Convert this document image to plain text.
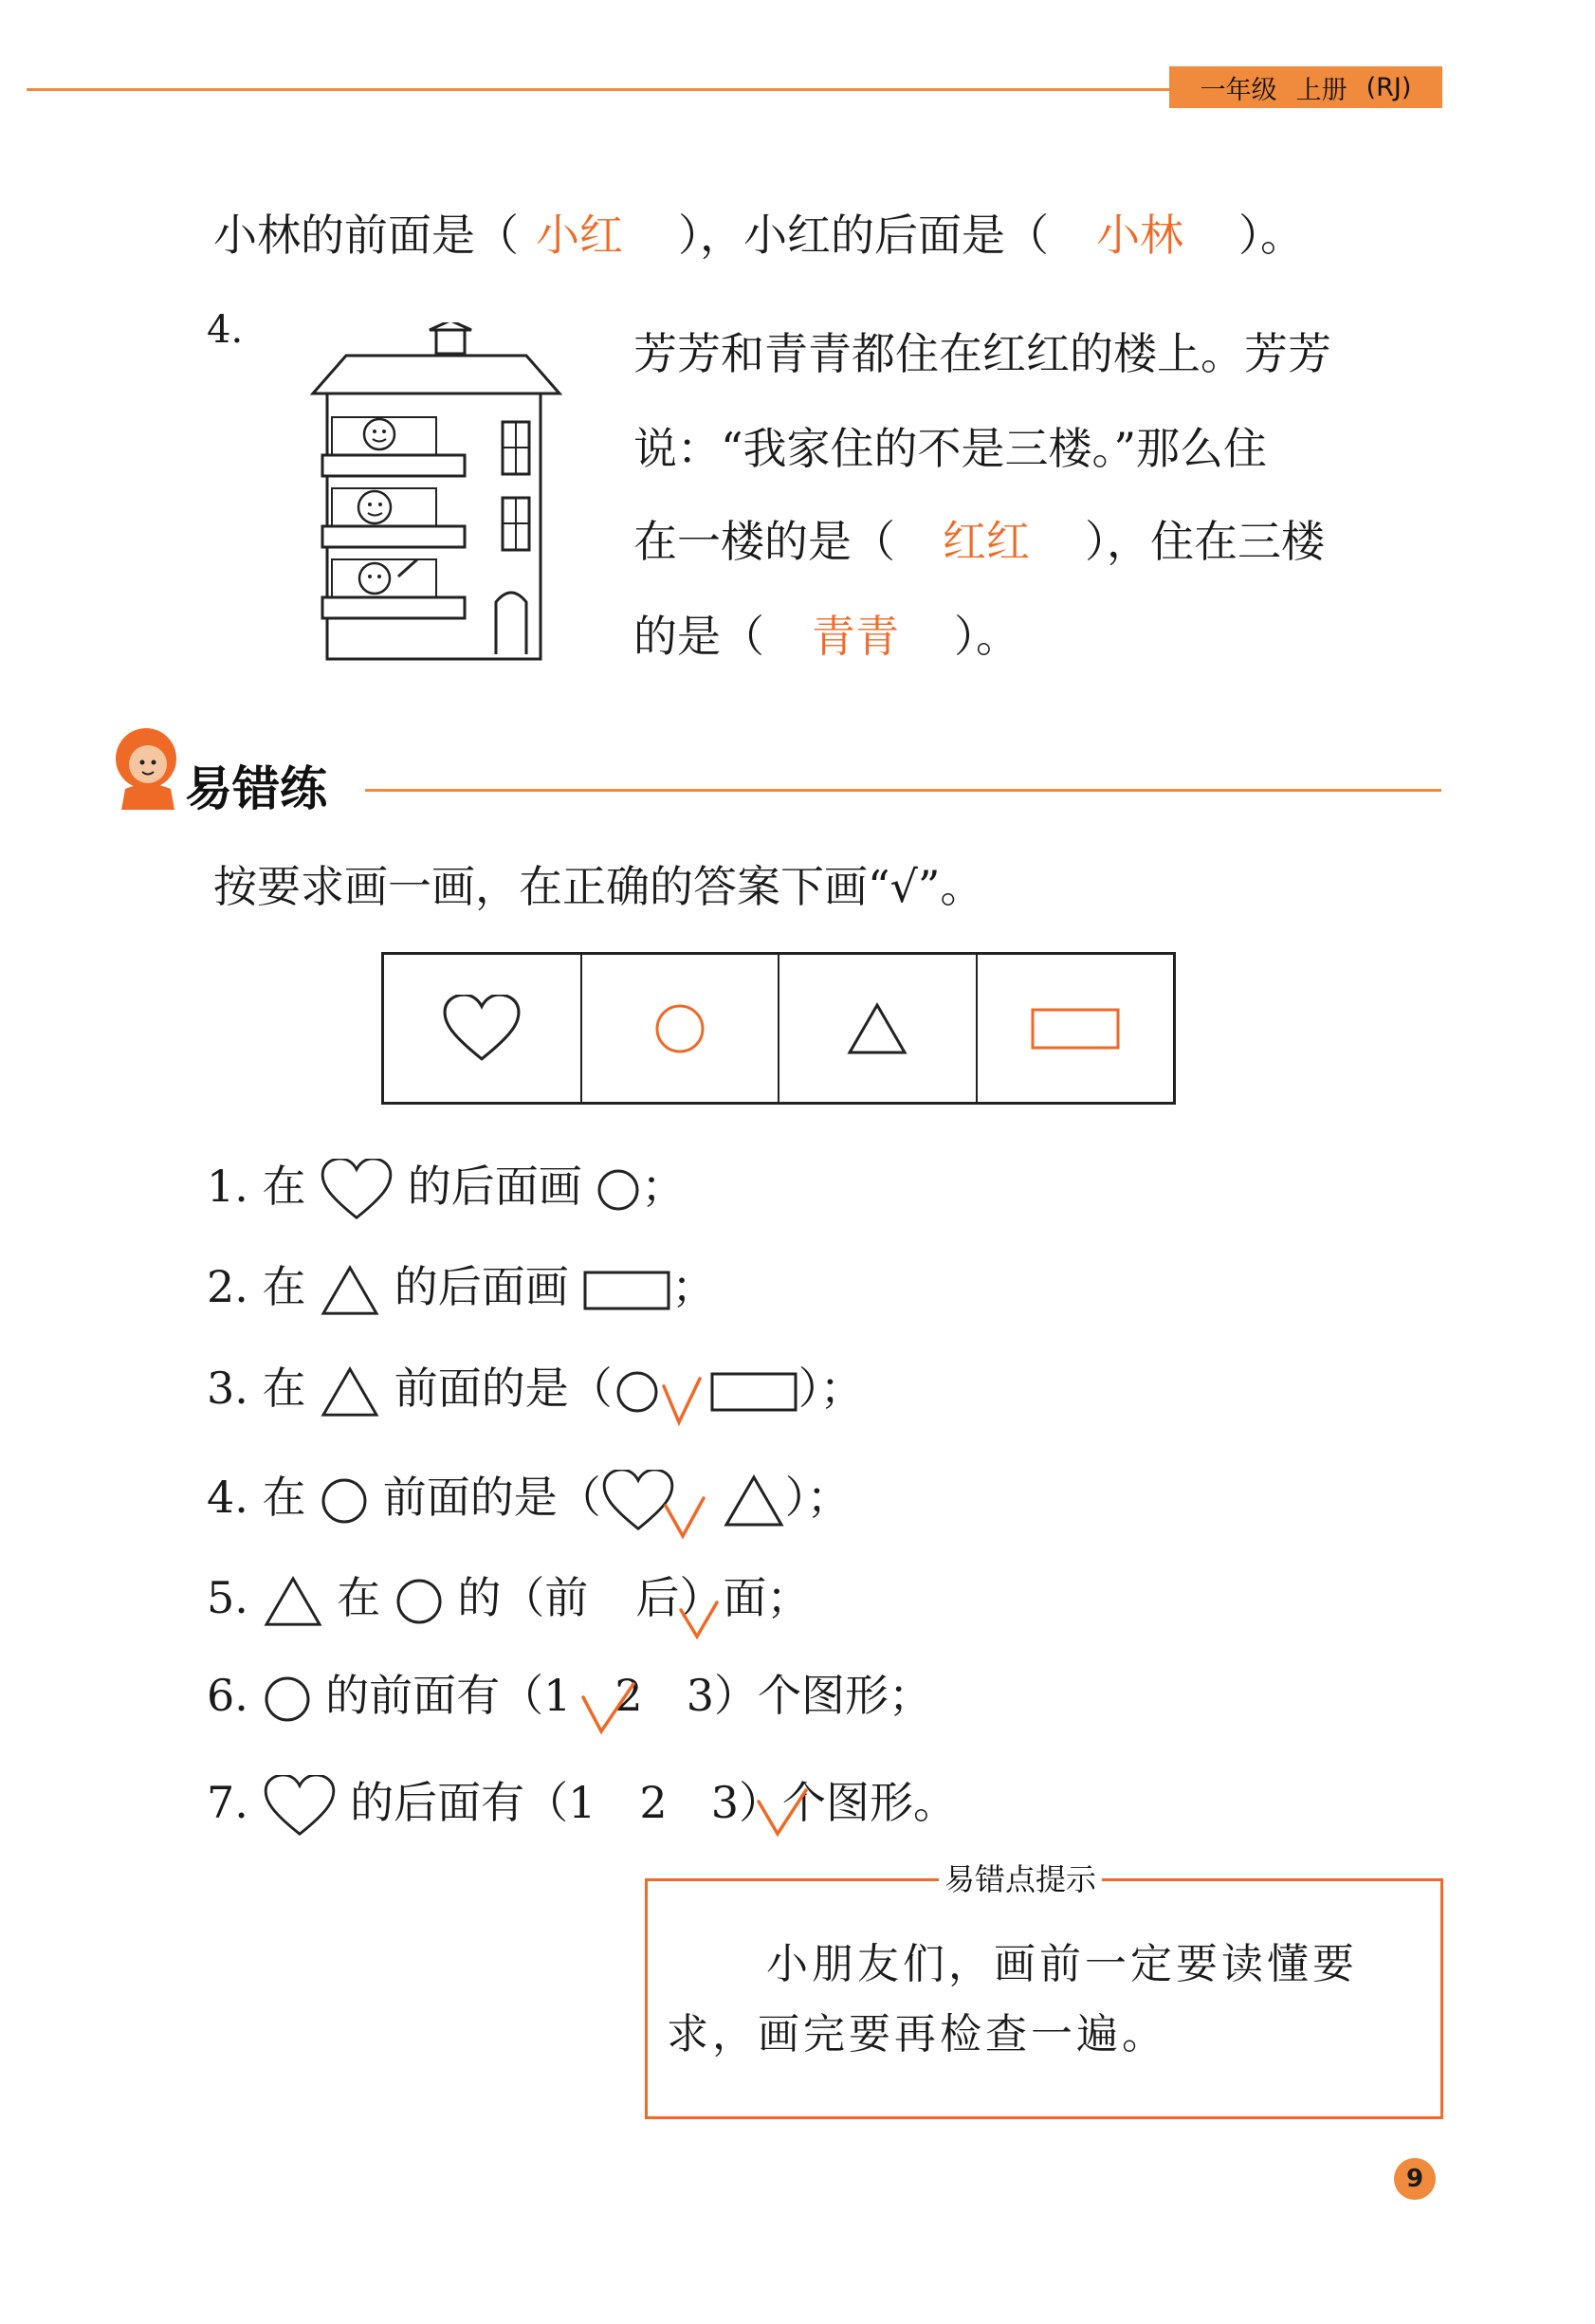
一年级 上册 (RJ)
小林的前面是（ 小红 ），小红的后面是（ 小林 ）。
4.	芳芳和青青都住在红红的楼上。芳芳
说：“我家住的不是三楼。”那么住
在一楼的是（ 红红 ），住在三楼
的是（ 青青 ）。
易错练
按要求画一画，在正确的答案下画“√”。
1. 在 的后面画 ；
2. 在 的后面画 ；
3. 在 前面的是（	）；
4. 在 前面的是（	）；
5. 在 的（前 后）面；
6. 的前面有（1 2 3）个图形；
7. 的后面有（1 2 3）个图形。
易错点提示
小朋友们，画前一定要读懂要
求，画完要再检查一遍。
9
